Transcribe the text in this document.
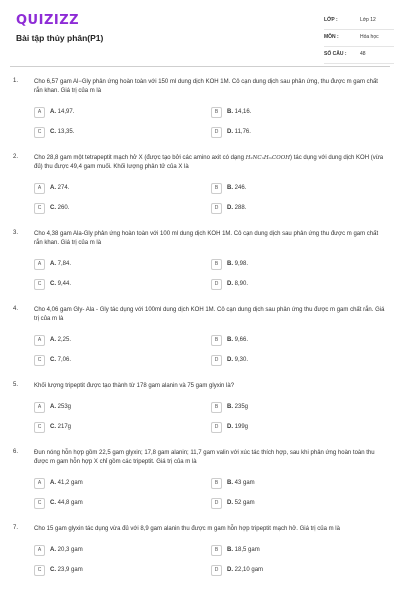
QUIZIZZ
Bài tập thủy phân(P1)
LỚP :	Lớp 12
MÔN :	Hóa học
SỐ CÂU :	48
1.	Cho 6,57 gam Al−Gly phản ứng hoàn toàn với 150 ml dung dịch KOH 1M. Cô cạn dung dịch sau phản ứng, thu được m gam chất rắn khan. Giá trị của m là
A	A. 14,97.	B	B. 14,16.
C	C. 13,35.	D	D. 11,76.
2.	Cho 28,8 gam một tetrapeptit mạch hở X (được tạo bởi các amino axit có dạng H₂NCₙHₘCOOH) tác dụng với dung dịch KOH (vừa đủ) thu được 49,4 gam muối. Khối lượng phân tử của X là
A	A. 274.	B	B. 246.
C	C. 260.	D	D. 288.
3.	Cho 4,38 gam Ala-Gly phản ứng hoàn toàn với 100 ml dung dịch KOH 1M. Cô cạn dung dịch sau phản ứng thu được m gam chất rắn khan. Giá trị của m là
A	A. 7,84.	B	B. 9,98.
C	C. 9,44.	D	D. 8,90.
4.	Cho 4,06 gam Gly- Ala - Gly tác dụng với 100ml dung dịch KOH 1M. Cô cạn dung dịch sau phản ứng thu được m gam chất rắn. Giá trị của m là
A	A. 2,25.	B	B. 9,66.
C	C. 7,06.	D	D. 9,30.
5.	Khối lượng tripeptit được tạo thành từ 178 gam alanin và 75 gam glyxin là?
A	A. 253g	B	B. 235g
C	C. 217g	D	D. 199g
6.	Đun nóng hỗn hợp gồm 22,5 gam glyxin; 17,8 gam alanin; 11,7 gam valin với xúc tác thích hợp, sau khi phản ứng hoàn toàn thu được m gam hỗn hợp X chỉ gồm các tripeptit. Giá trị của m là
A	A. 41,2 gam	B	B. 43 gam
C	C. 44,8 gam	D	D. 52 gam
7.	Cho 15 gam glyxin tác dụng vừa đủ với 8,9 gam alanin thu được m gam hỗn hợp tripeptit mạch hở. Giá trị của m là
A	A. 20,3 gam	B	B. 18,5 gam
C	C. 23,9 gam	D	D. 22,10 gam
